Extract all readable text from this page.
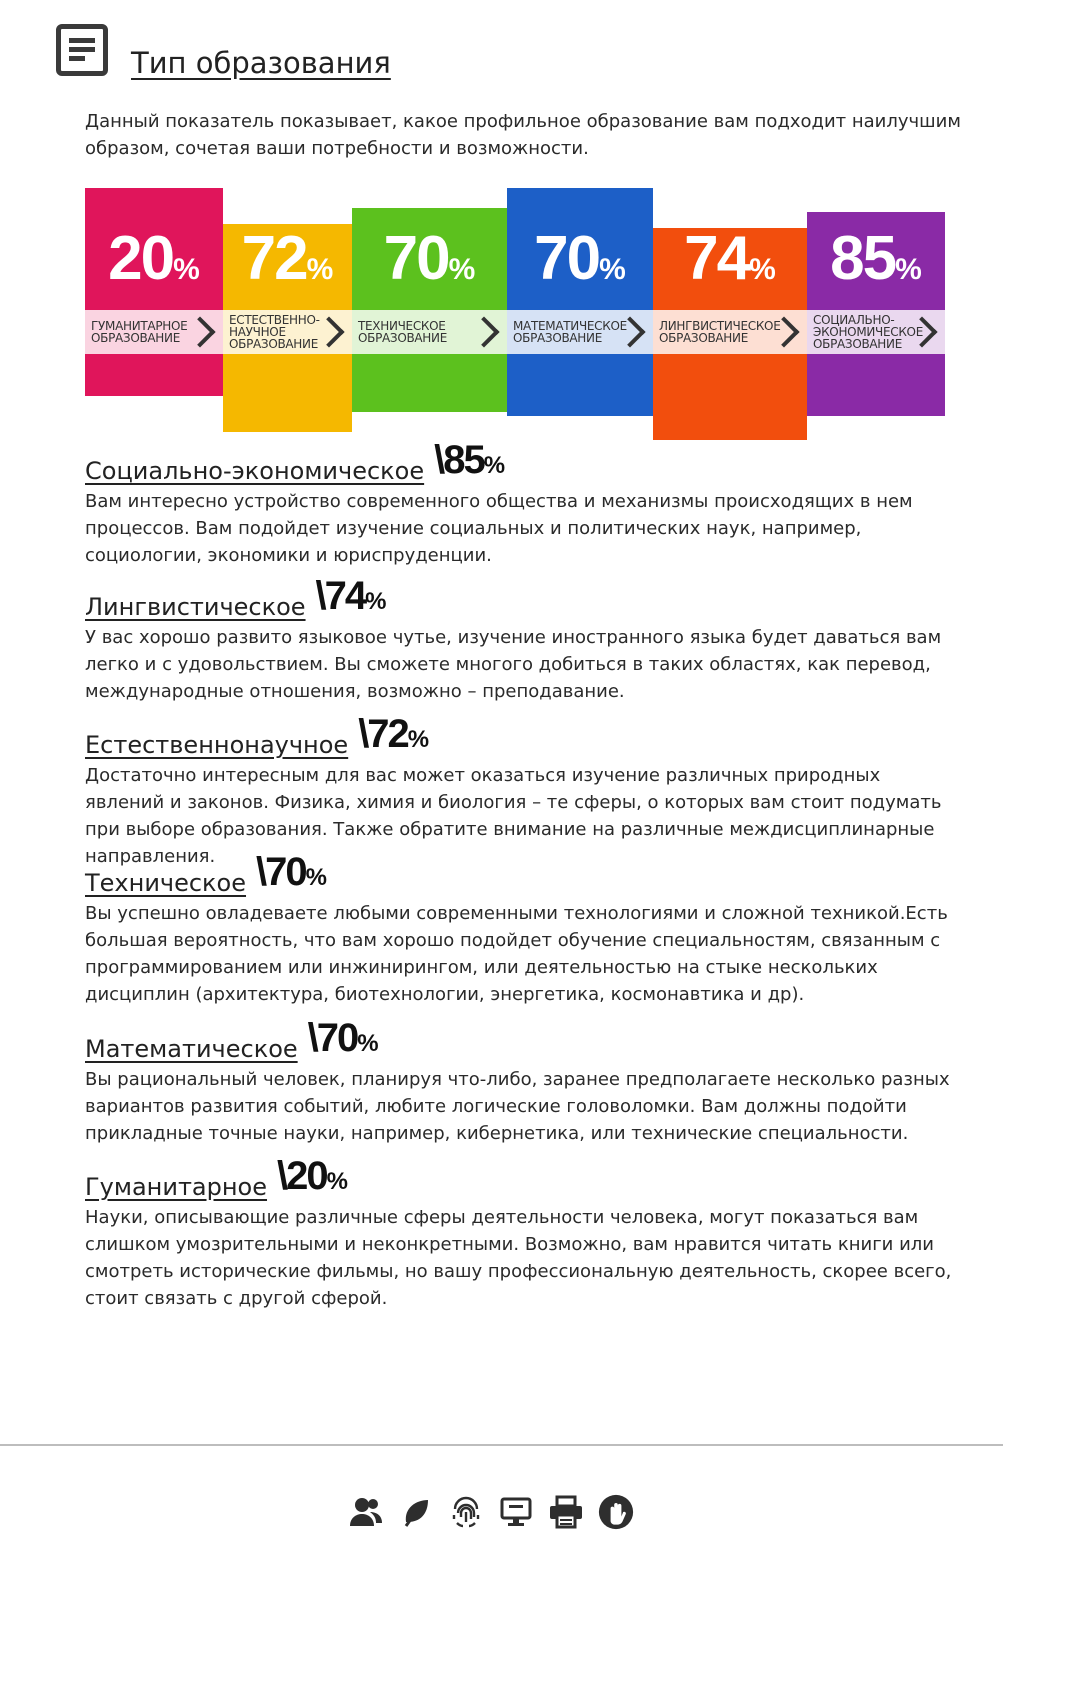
Тип образования
Данный показатель показывает, какое профильное образование вам подходит наилучшим образом, сочетая ваши потребности и возможности.
20%
ГУМАНИТАРНОЕ ОБРАЗОВАНИЕ
72%
ЕСТЕСТВЕННО- НАУЧНОЕ ОБРАЗОВАНИЕ
70%
ТЕХНИЧЕСКОЕ ОБРАЗОВАНИЕ
70%
МАТЕМАТИЧЕСКОЕ ОБРАЗОВАНИЕ
74%
ЛИНГВИСТИЧЕСКОЕ ОБРАЗОВАНИЕ
85%
СОЦИАЛЬНО- ЭКОНОМИЧЕСКОЕ ОБРАЗОВАНИЕ
Социально-экономическое \85%
Вам интересно устройство современного общества и механизмы происходящих в нем процессов. Вам подойдет изучение социальных и политических наук, например, социологии, экономики и юриспруденции.
Лингвистическое \74%
У вас хорошо развито языковое чутье, изучение иностранного языка будет даваться вам легко и с удовольствием. Вы сможете многого добиться в таких областях, как перевод, международные отношения, возможно – преподавание.
Естественнонаучное \72%
Достаточно интересным для вас может оказаться изучение различных природных явлений и законов. Физика, химия и биология – те сферы, о которых вам стоит подумать при выборе образования. Также обратите внимание на различные междисциплинарные направления.
Техническое \70%
Вы успешно овладеваете любыми современными технологиями и сложной техникой.Есть большая вероятность, что вам хорошо подойдет обучение специальностям, связанным с программированием или инжинирингом, или деятельностью на стыке нескольких дисциплин (архитектура, биотехнологии, энергетика, космонавтика и др).
Математическое \70%
Вы рациональный человек, планируя что-либо, заранее предполагаете несколько разных вариантов развития событий, любите логические головоломки. Вам должны подойти прикладные точные науки, например, кибернетика, или технические специальности.
Гуманитарное \20%
Науки, описывающие различные сферы деятельности человека, могут показаться вам слишком умозрительными и неконкретными. Возможно, вам нравится читать книги или смотреть исторические фильмы, но вашу профессиональную деятельность, скорее всего, стоит связать с другой сферой.
